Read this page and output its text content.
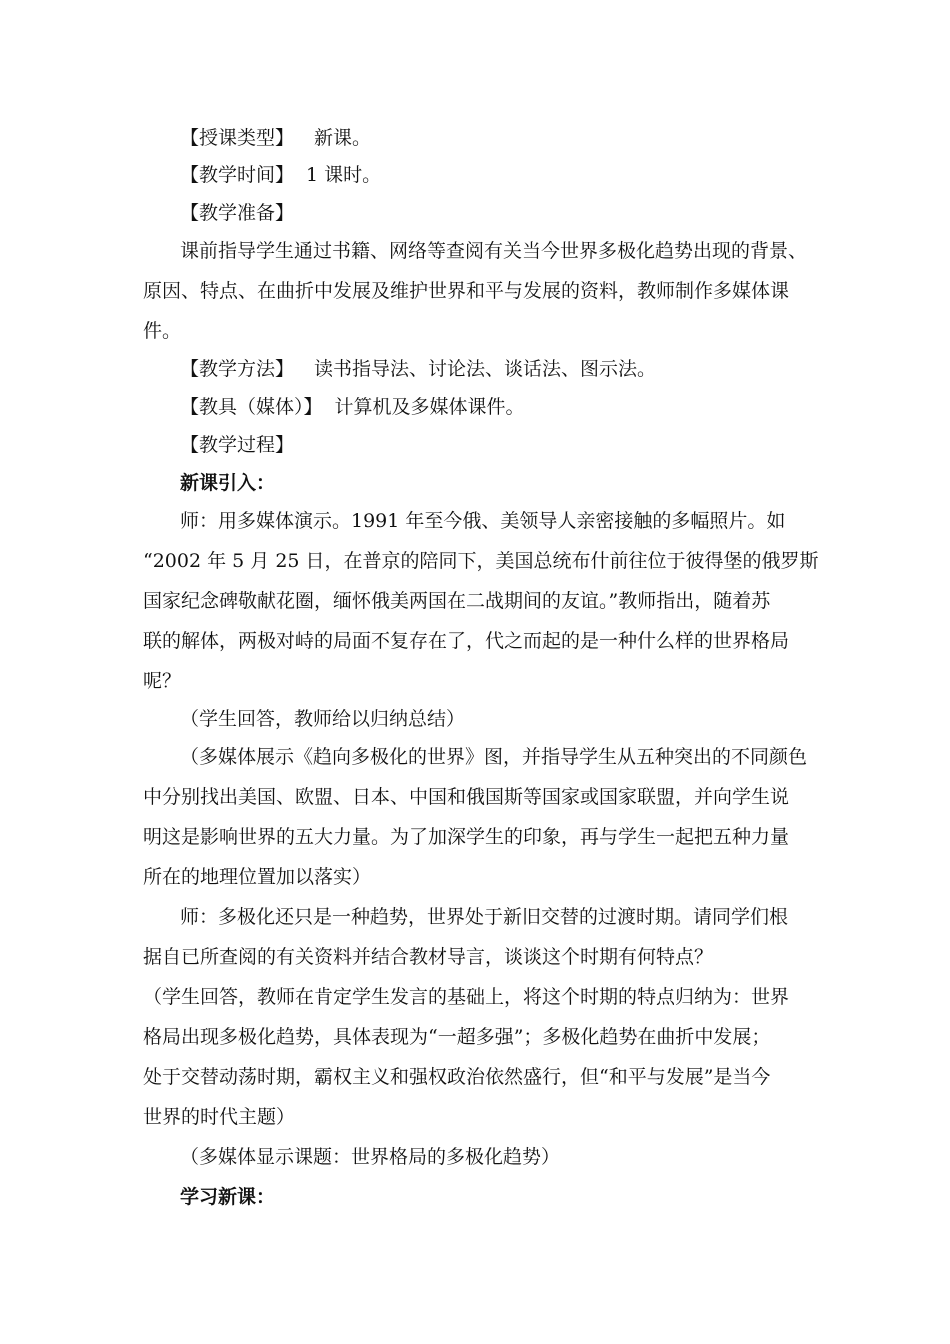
【授课类型】 新课。
【教学时间】 1 课时。
【教学准备】
课前指导学生通过书籍、网络等查阅有关当今世界多极化趋势出现的背景、
原因、特点、在曲折中发展及维护世界和平与发展的资料，教师制作多媒体课
件。
【教学方法】 读书指导法、讨论法、谈话法、图示法。
【教具（媒体）】 计算机及多媒体课件。
【教学过程】
新课引入：
师：用多媒体演示。1991 年至今俄、美领导人亲密接触的多幅照片。如
“2002 年 5 月 25 日，在普京的陪同下，美国总统布什前往位于彼得堡的俄罗斯
国家纪念碑敬献花圈，缅怀俄美两国在二战期间的友谊。”教师指出，随着苏
联的解体，两极对峙的局面不复存在了，代之而起的是一种什么样的世界格局
呢？
（学生回答，教师给以归纳总结）
（多媒体展示《趋向多极化的世界》图，并指导学生从五种突出的不同颜色
中分别找出美国、欧盟、日本、中国和俄国斯等国家或国家联盟，并向学生说
明这是影响世界的五大力量。为了加深学生的印象，再与学生一起把五种力量
所在的地理位置加以落实）
师：多极化还只是一种趋势，世界处于新旧交替的过渡时期。请同学们根
据自已所查阅的有关资料并结合教材导言，谈谈这个时期有何特点？
（学生回答，教师在肯定学生发言的基础上，将这个时期的特点归纳为：世界
格局出现多极化趋势，具体表现为“一超多强”；多极化趋势在曲折中发展；
处于交替动荡时期，霸权主义和强权政治依然盛行，但“和平与发展”是当今
世界的时代主题）
（多媒体显示课题：世界格局的多极化趋势）
学习新课：
